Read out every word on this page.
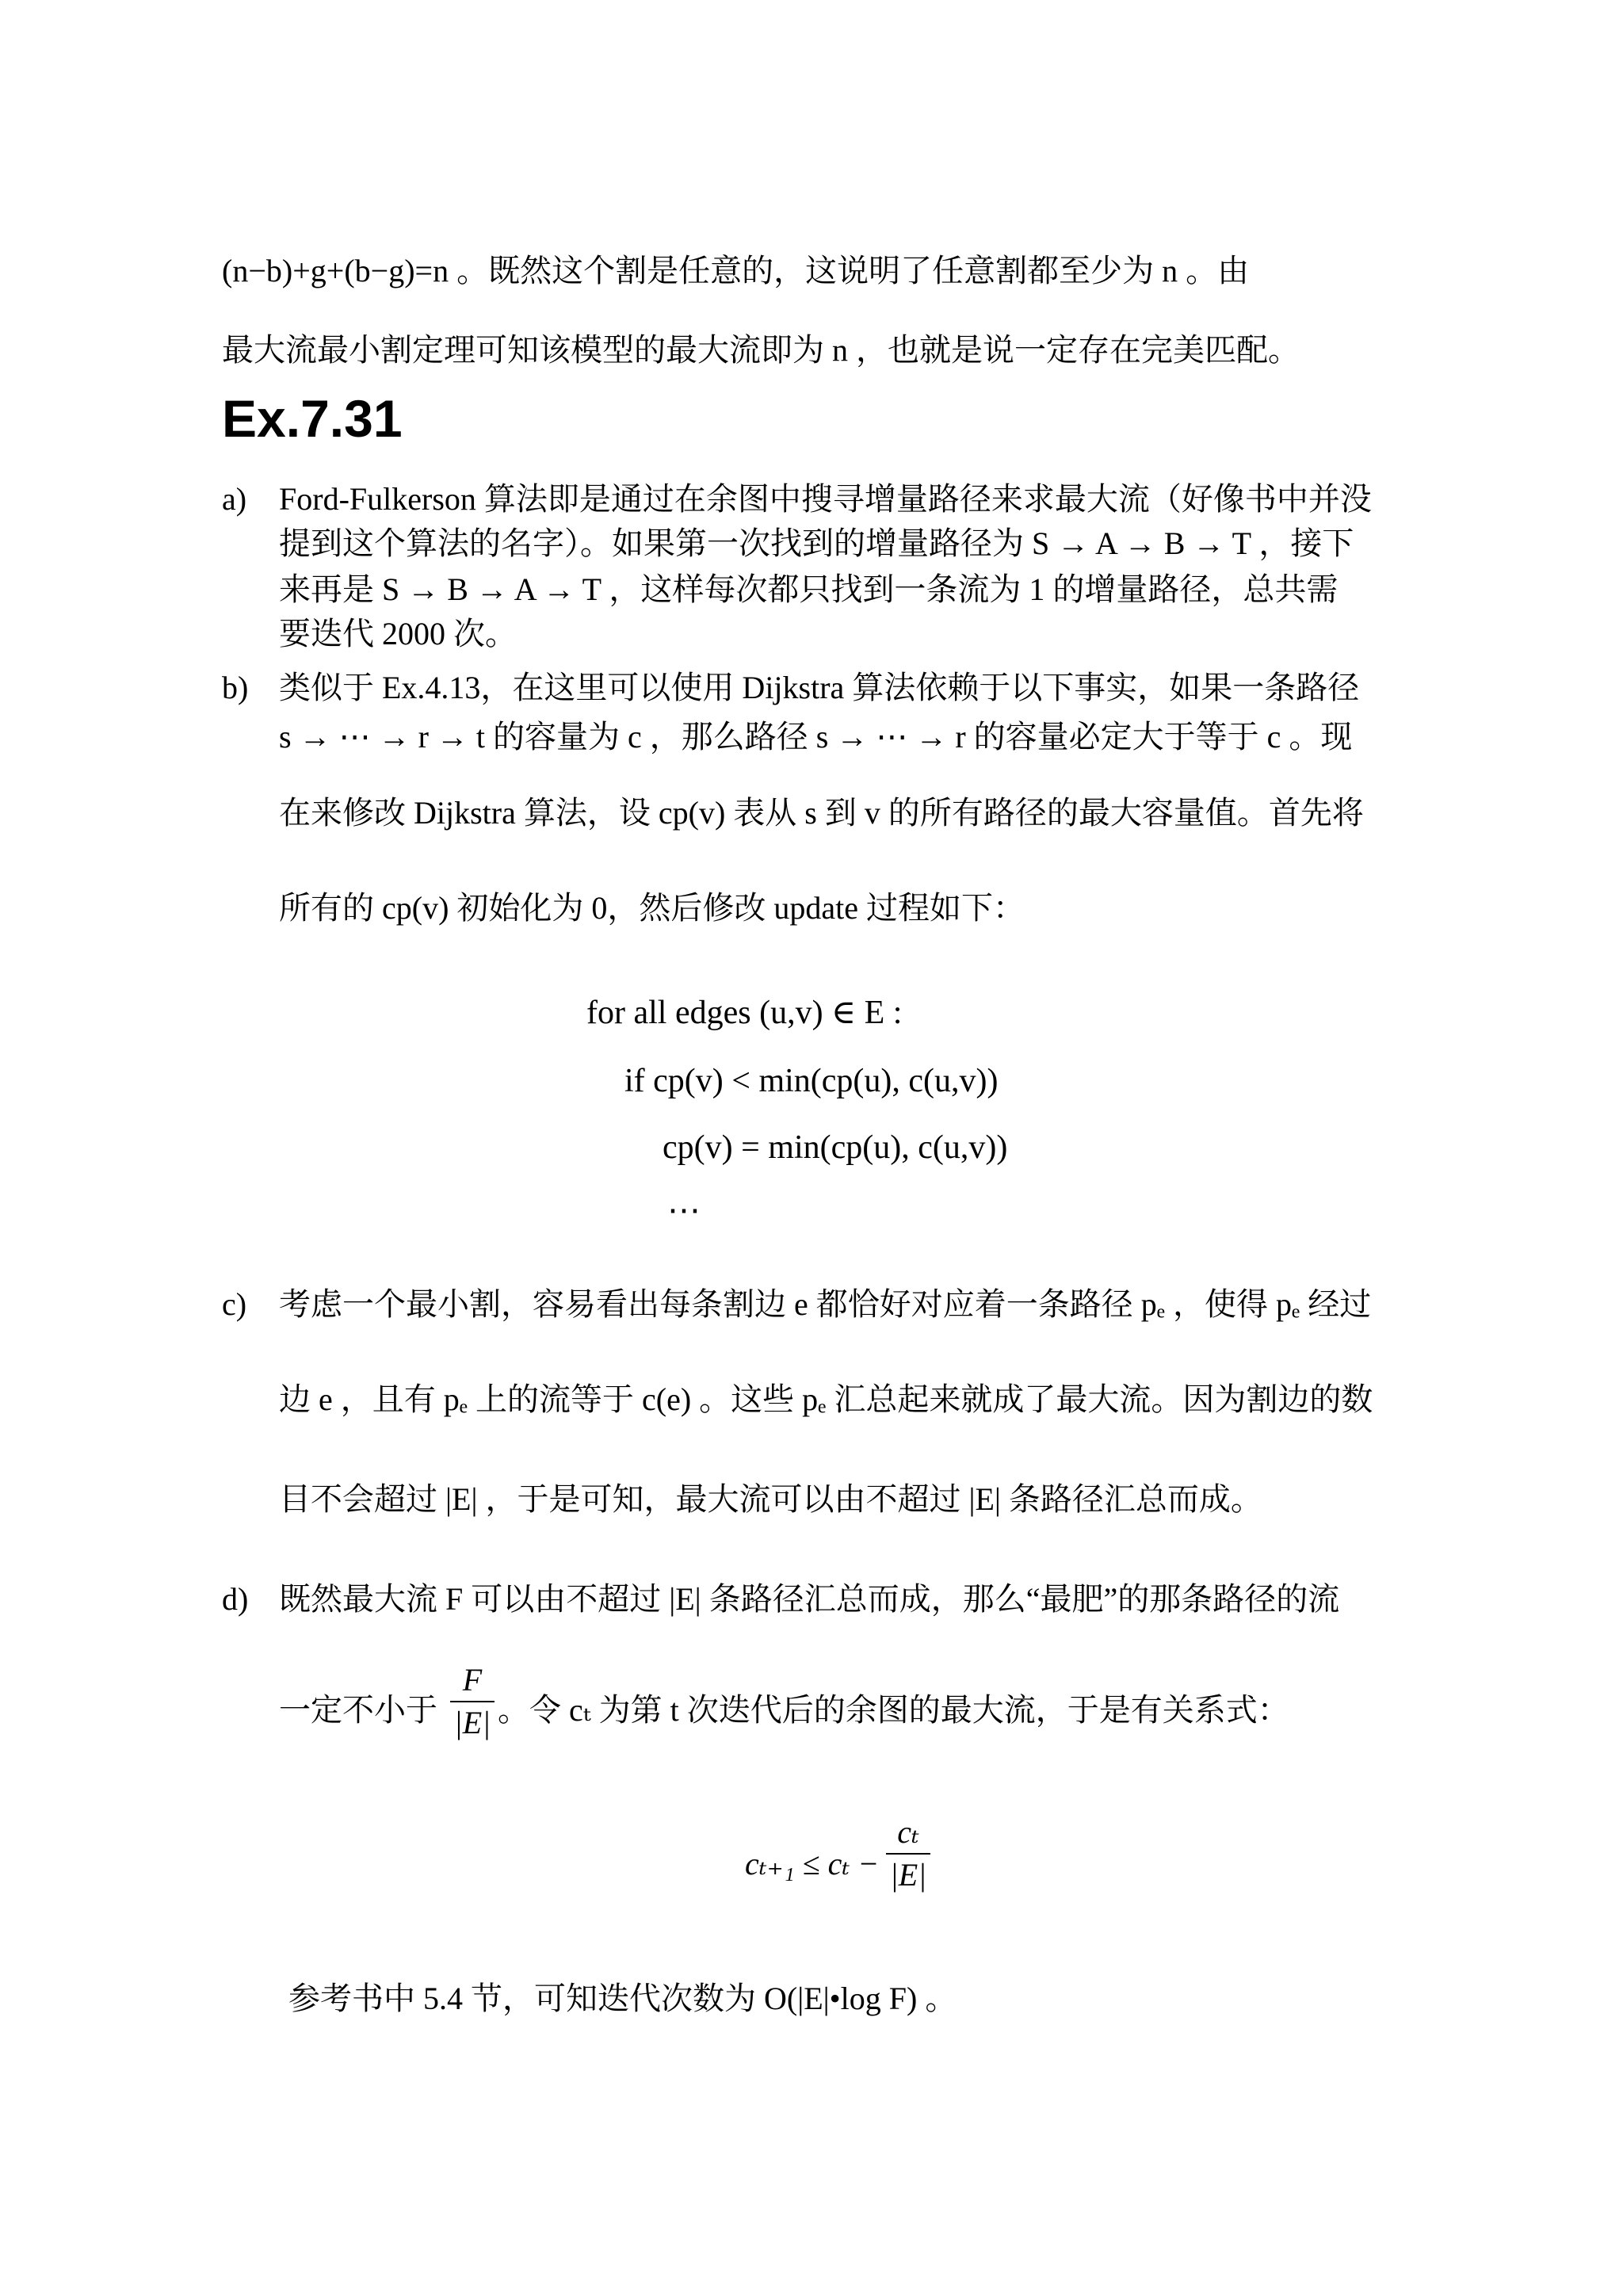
(n−b)+g+(b−g)=n 。既然这个割是任意的，这说明了任意割都至少为 n 。由
最大流最小割定理可知该模型的最大流即为 n ，也就是说一定存在完美匹配。
Ex.7.31
a) Ford-Fulkerson 算法即是通过在余图中搜寻增量路径来求最大流（好像书中并没
提到这个算法的名字）。如果第一次找到的增量路径为 S → A → B → T ，接下
来再是 S → B → A → T ，这样每次都只找到一条流为 1 的增量路径，总共需
要迭代 2000 次。
b) 类似于 Ex.4.13，在这里可以使用 Dijkstra 算法依赖于以下事实，如果一条路径
s → ⋯ → r → t 的容量为 c ，那么路径 s → ⋯ → r 的容量必定大于等于 c 。现
在来修改 Dijkstra 算法，设 cp(v) 表从 s 到 v 的所有路径的最大容量值。首先将
所有的 cp(v) 初始化为 0，然后修改 update 过程如下：
for all edges (u,v) ∈ E :
if cp(v) < min(cp(u), c(u,v))
cp(v) = min(cp(u), c(u,v))
⋯
c) 考虑一个最小割，容易看出每条割边 e 都恰好对应着一条路径 pₑ ，使得 pₑ 经过
边 e ，且有 pₑ 上的流等于 c(e) 。这些 pₑ 汇总起来就成了最大流。因为割边的数
目不会超过 |E| ，于是可知，最大流可以由不超过 |E| 条路径汇总而成。
d) 既然最大流 F 可以由不超过 |E| 条路径汇总而成，那么“最肥”的那条路径的流
一定不小于
F
|E| 。令 cₜ 为第 t 次迭代后的余图的最大流，于是有关系式：
cₜ₊₁ ≤ cₜ −
cₜ
|E|
参考书中 5.4 节，可知迭代次数为 O(|E|•log F) 。
